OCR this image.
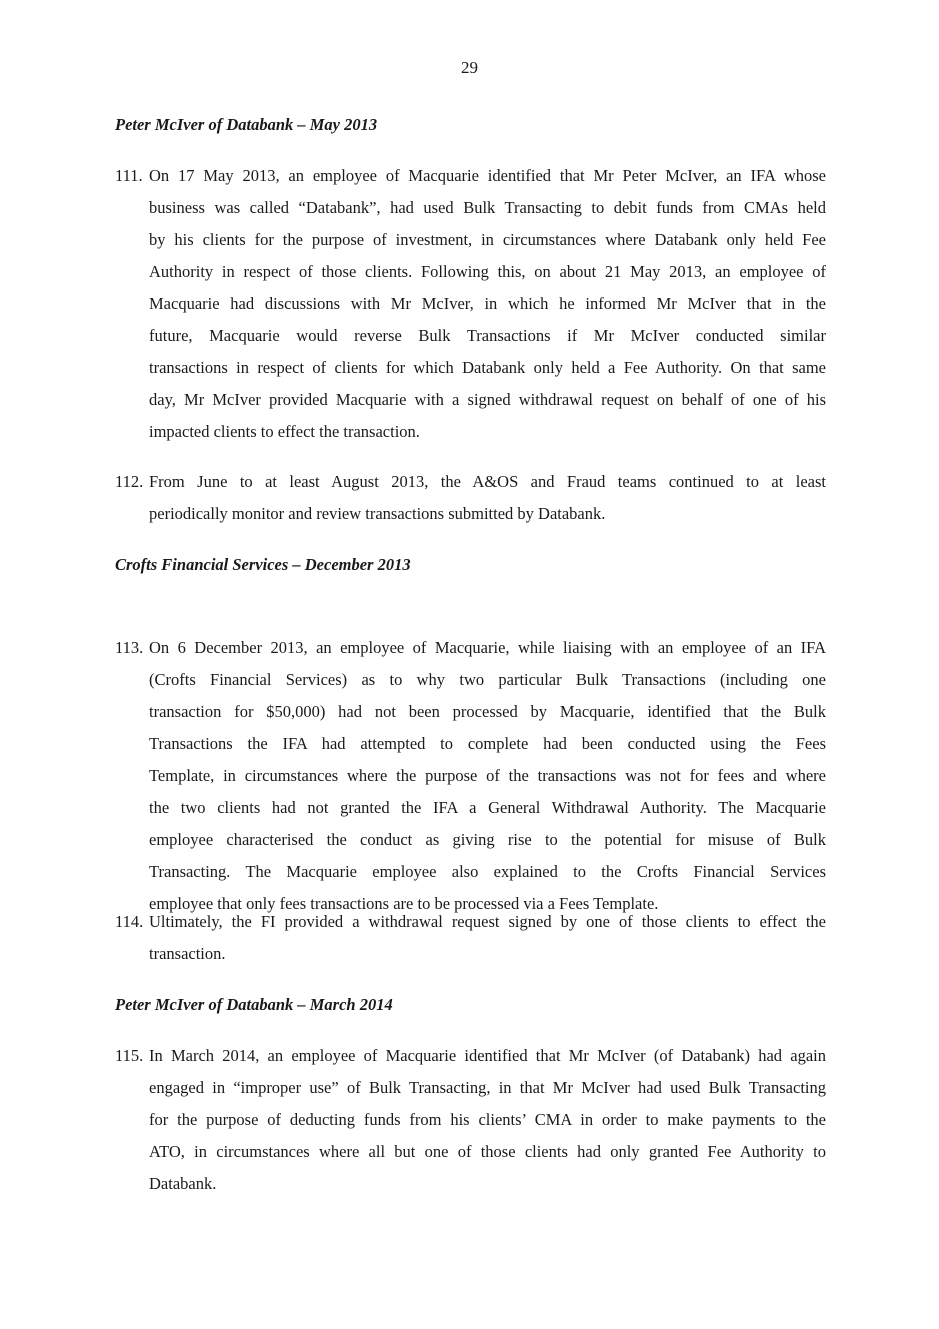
29
Peter McIver of Databank – May 2013
111. On 17 May 2013, an employee of Macquarie identified that Mr Peter McIver, an IFA whose
business was called “Databank”, had used Bulk Transacting to debit funds from CMAs held
by his clients for the purpose of investment, in circumstances where Databank only held Fee
Authority in respect of those clients. Following this, on about 21 May 2013, an employee of
Macquarie had discussions with Mr McIver, in which he informed Mr McIver that in the
future, Macquarie would reverse Bulk Transactions if Mr McIver conducted similar
transactions in respect of clients for which Databank only held a Fee Authority. On that same
day, Mr McIver provided Macquarie with a signed withdrawal request on behalf of one of his
impacted clients to effect the transaction.
112. From June to at least August 2013, the A&OS and Fraud teams continued to at least
periodically monitor and review transactions submitted by Databank.
Crofts Financial Services – December 2013
113. On 6 December 2013, an employee of Macquarie, while liaising with an employee of an IFA
(Crofts Financial Services) as to why two particular Bulk Transactions (including one
transaction for $50,000) had not been processed by Macquarie, identified that the Bulk
Transactions the IFA had attempted to complete had been conducted using the Fees
Template, in circumstances where the purpose of the transactions was not for fees and where
the two clients had not granted the IFA a General Withdrawal Authority. The Macquarie
employee characterised the conduct as giving rise to the potential for misuse of Bulk
Transacting. The Macquarie employee also explained to the Crofts Financial Services
employee that only fees transactions are to be processed via a Fees Template.
114. Ultimately, the FI provided a withdrawal request signed by one of those clients to effect the
transaction.
Peter McIver of Databank – March 2014
115. In March 2014, an employee of Macquarie identified that Mr McIver (of Databank) had again
engaged in “improper use” of Bulk Transacting, in that Mr McIver had used Bulk Transacting
for the purpose of deducting funds from his clients’ CMA in order to make payments to the
ATO, in circumstances where all but one of those clients had only granted Fee Authority to
Databank.
